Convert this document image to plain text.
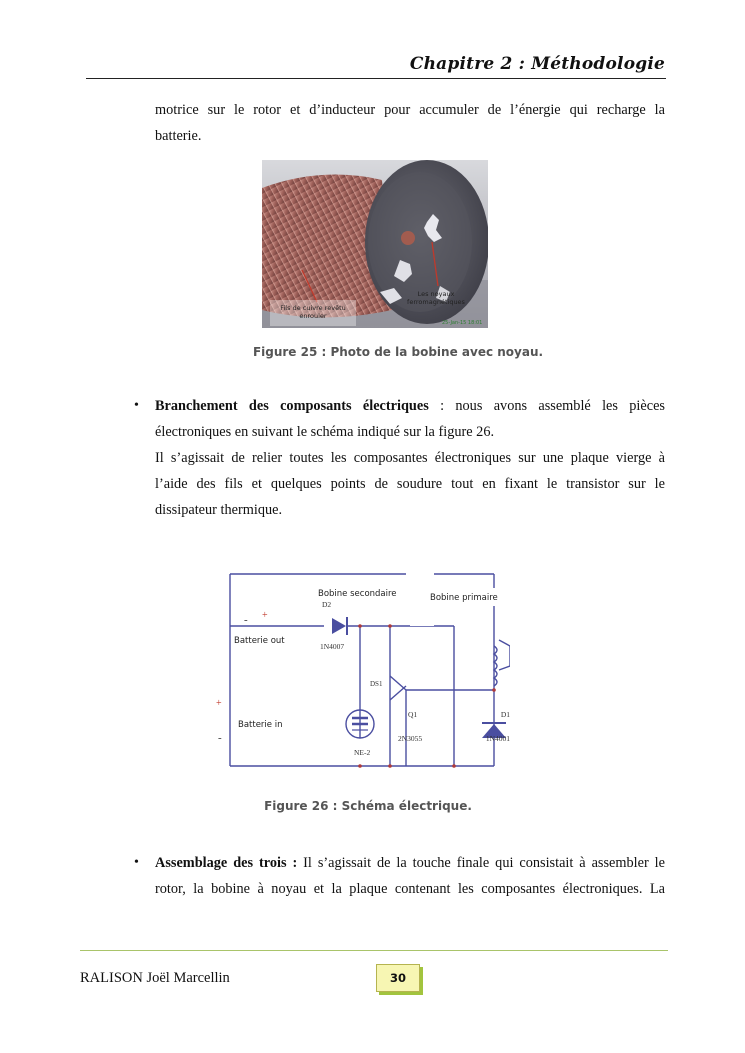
Chapitre 2 : Méthodologie
motrice sur le rotor et d’inducteur pour accumuler de l’énergie qui recharge la
batterie.
Fils de cuivre revêtu enrouler
Les noyaux ferromagnétiques
25-Jan-15 18:01
Figure 25 : Photo de la bobine avec noyau.
• Branchement des composants électriques : nous avons assemblé les pièces
électroniques en suivant le schéma indiqué sur la figure 26.
Il s’agissait de relier toutes les composantes électroniques sur une plaque vierge à
l’aide des fils et quelques points de soudure tout en fixant le transistor sur le
dissipateur thermique.
Bobine secondaire	Bobine primaire
Batterie out
Batterie in
D2
1N4007
DS1
NE-2
Q1
2N3055
D1
1N4001
+
-
+
-
Figure 26 : Schéma électrique.
• Assemblage des trois : Il s’agissait de la touche finale qui consistait à assembler le
rotor, la bobine à noyau et la plaque contenant les composantes électroniques. La
RALISON Joël Marcellin	30
